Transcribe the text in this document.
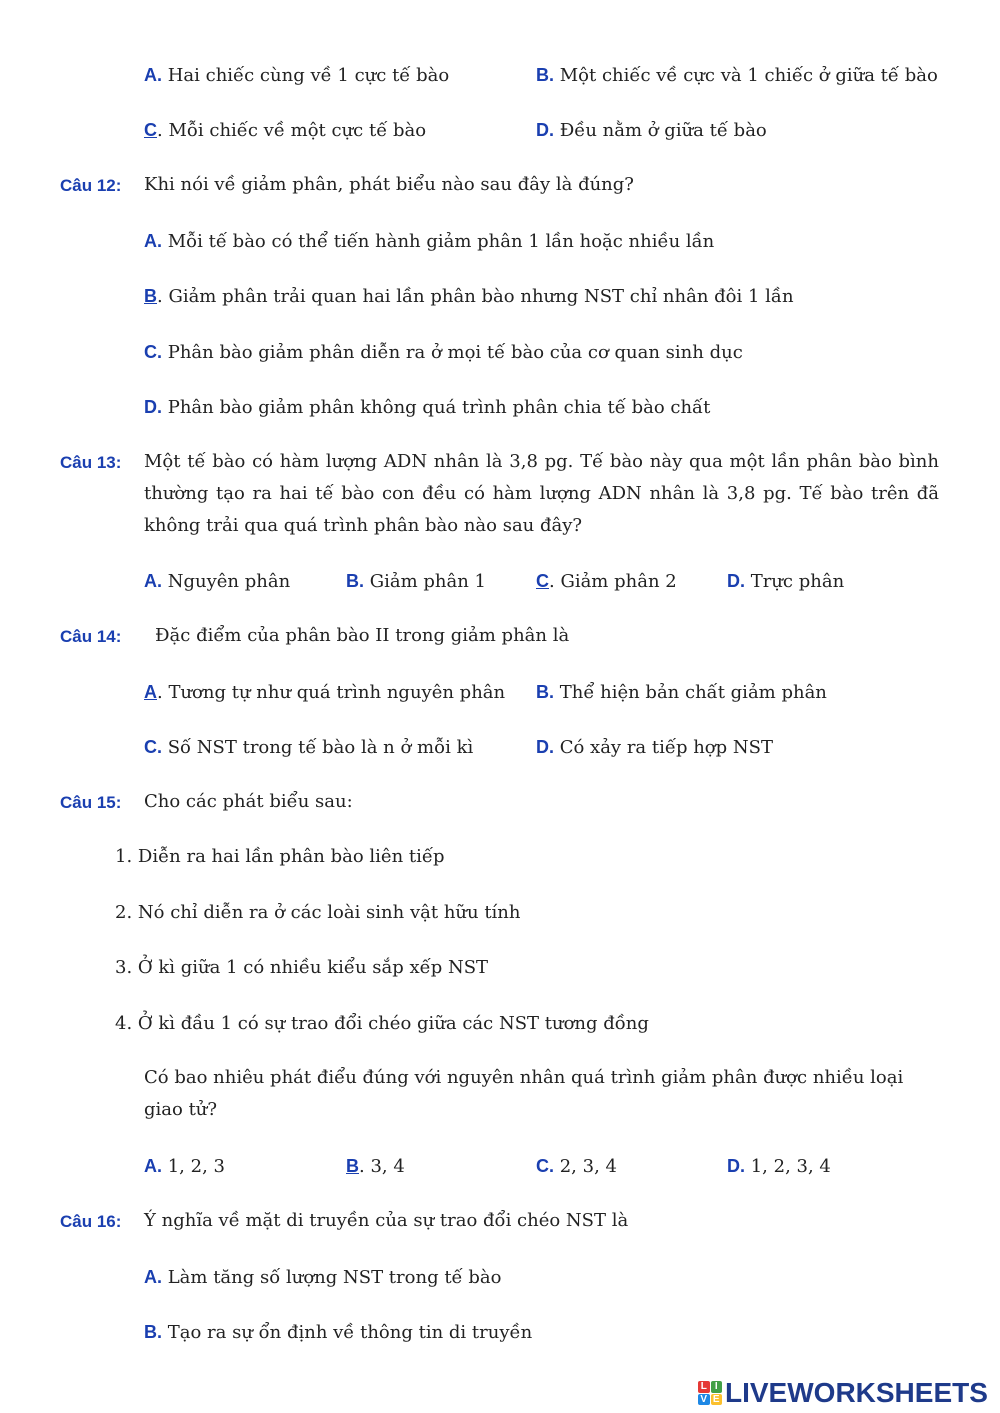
A. Hai chiếc cùng về 1 cực tế bào	B. Một chiếc về cực và 1 chiếc ở giữa tế bào
C. Mỗi chiếc về một cực tế bào	D. Đều nằm ở giữa tế bào
Câu 12: Khi nói về giảm phân, phát biểu nào sau đây là đúng?
A. Mỗi tế bào có thể tiến hành giảm phân 1 lần hoặc nhiều lần
B. Giảm phân trải quan hai lần phân bào nhưng NST chỉ nhân đôi 1 lần
C. Phân bào giảm phân diễn ra ở mọi tế bào của cơ quan sinh dục
D. Phân bào giảm phân không quá trình phân chia tế bào chất
Câu 13: Một tế bào có hàm lượng ADN nhân là 3,8 pg. Tế bào này qua một lần phân bào bình thường tạo ra hai tế bào con đều có hàm lượng ADN nhân là 3,8 pg. Tế bào trên đã không trải qua quá trình phân bào nào sau đây?
A. Nguyên phân	B. Giảm phân 1	C. Giảm phân 2	D. Trực phân
Câu 14: Đặc điểm của phân bào II trong giảm phân là
A. Tương tự như quá trình nguyên phân B. Thể hiện bản chất giảm phân
C. Số NST trong tế bào là n ở mỗi kì	D. Có xảy ra tiếp hợp NST
Câu 15: Cho các phát biểu sau:
1. Diễn ra hai lần phân bào liên tiếp
2. Nó chỉ diễn ra ở các loài sinh vật hữu tính
3. Ở kì giữa 1 có nhiều kiểu sắp xếp NST
4. Ở kì đầu 1 có sự trao đổi chéo giữa các NST tương đồng
Có bao nhiêu phát điểu đúng với nguyên nhân quá trình giảm phân được nhiều loại giao tử?
A. 1, 2, 3	B. 3, 4	C. 2, 3, 4	D. 1, 2, 3, 4
Câu 16: Ý nghĩa về mặt di truyền của sự trao đổi chéo NST là
A. Làm tăng số lượng NST trong tế bào
B. Tạo ra sự ổn định về thông tin di truyền
L I
V E LIVEWORKSHEETS
